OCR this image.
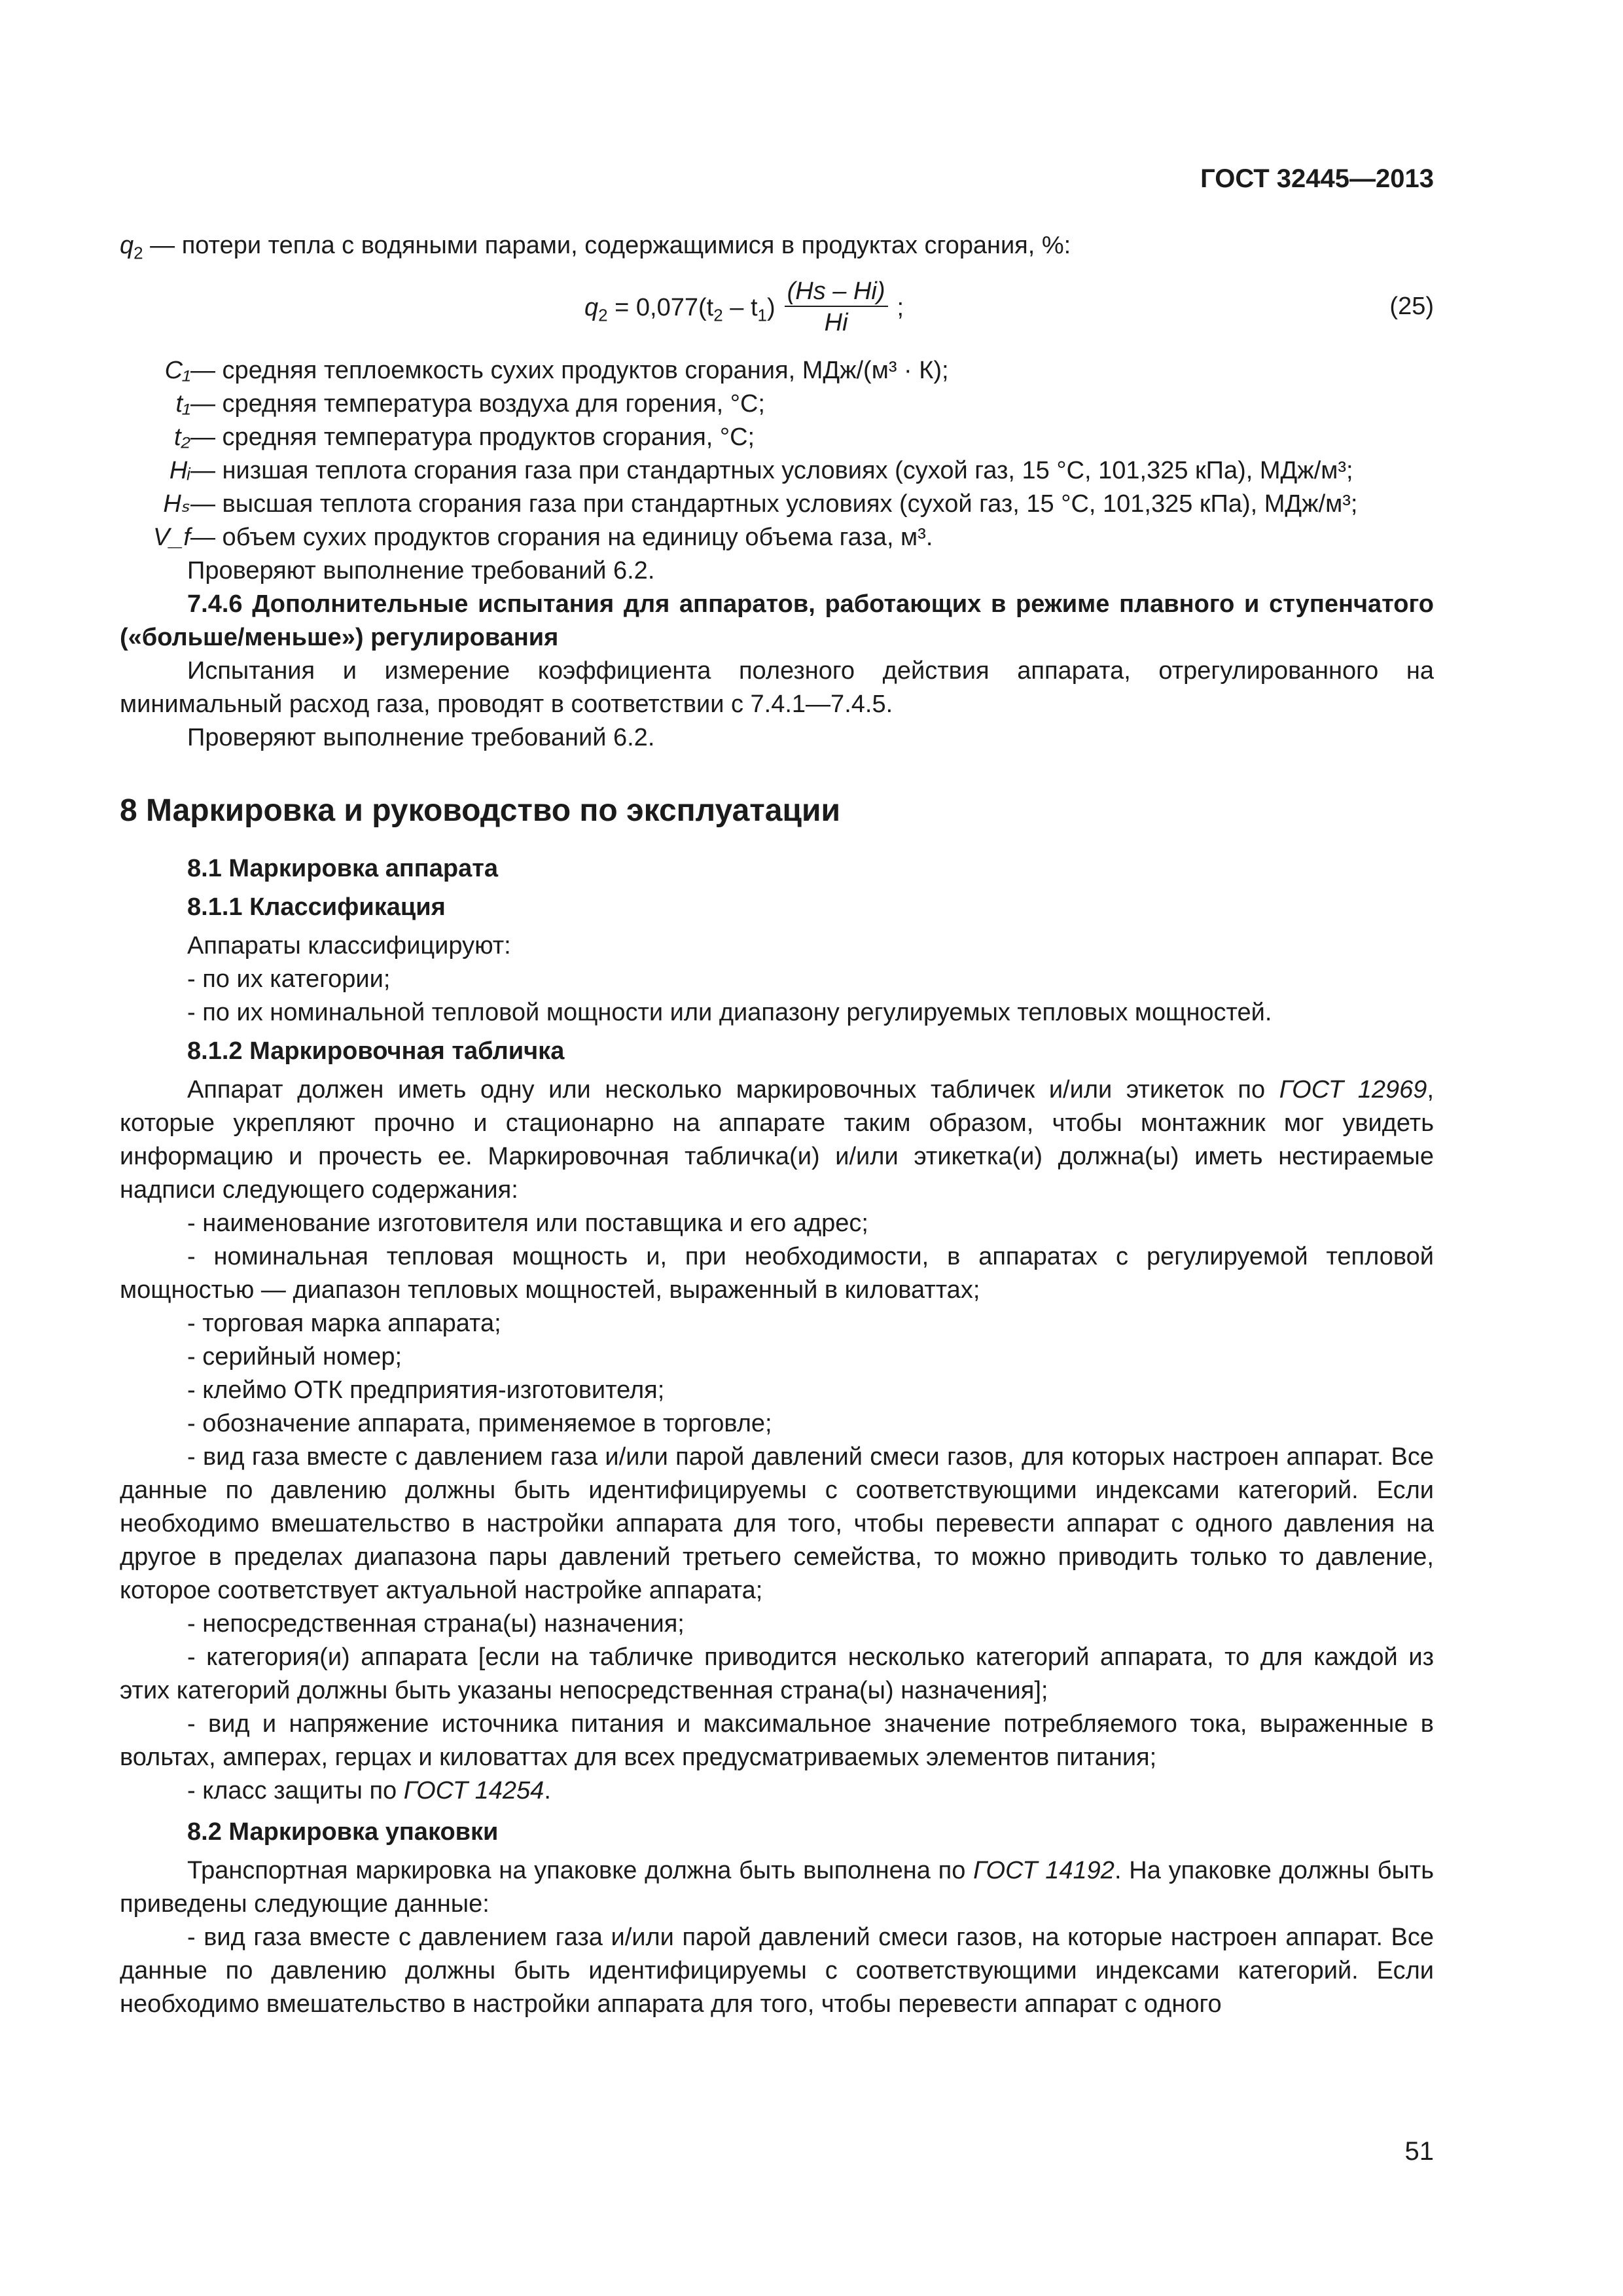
ГОСТ 32445—2013

$q_2$ — потери тепла с водяными парами, содержащимися в продуктах сгорания, %:

$q_2 = 0,077(t_2 - t_1) \frac{(Hs - Hi)}{Hi}$ ;	(25)
C₁ — средняя теплоемкость сухих продуктов сгорания, МДж/(м³ · К);
t₁ — средняя температура воздуха для горения, °С;
t₂ — средняя температура продуктов сгорания, °С;
Hᵢ — низшая теплота сгорания газа при стандартных условиях (сухой газ, 15 °С, 101,325 кПа), МДж/м³;
Hₛ — высшая теплота сгорания газа при стандартных условиях (сухой газ, 15 °С, 101,325 кПа), МДж/м³;
V_f — объем сухих продуктов сгорания на единицу объема газа, м³.

Проверяют выполнение требований 6.2.

7.4.6 Дополнительные испытания для аппаратов, работающих в режиме плавного и ступенчатого («больше/меньше») регулирования

Испытания и измерение коэффициента полезного действия аппарата, отрегулированного на минимальный расход газа, проводят в соответствии с 7.4.1—7.4.5.

Проверяют выполнение требований 6.2.

8 Маркировка и руководство по эксплуатации

8.1 Маркировка аппарата

8.1.1 Классификация

Аппараты классифицируют:

- по их категории;

- по их номинальной тепловой мощности или диапазону регулируемых тепловых мощностей.

8.1.2 Маркировочная табличка

Аппарат должен иметь одну или несколько маркировочных табличек и/или этикеток по ГОСТ 12969, которые укрепляют прочно и стационарно на аппарате таким образом, чтобы монтажник мог увидеть информацию и прочесть ее. Маркировочная табличка(и) и/или этикетка(и) должна(ы) иметь нестираемые надписи следующего содержания:

- наименование изготовителя или поставщика и его адрес;

- номинальная тепловая мощность и, при необходимости, в аппаратах с регулируемой тепловой мощностью — диапазон тепловых мощностей, выраженный в киловаттах;

- торговая марка аппарата;

- серийный номер;

- клеймо ОТК предприятия-изготовителя;

- обозначение аппарата, применяемое в торговле;

- вид газа вместе с давлением газа и/или парой давлений смеси газов, для которых настроен аппарат. Все данные по давлению должны быть идентифицируемы с соответствующими индексами категорий. Если необходимо вмешательство в настройки аппарата для того, чтобы перевести аппарат с одного давления на другое в пределах диапазона пары давлений третьего семейства, то можно приводить только то давление, которое соответствует актуальной настройке аппарата;

- непосредственная страна(ы) назначения;

- категория(и) аппарата [если на табличке приводится несколько категорий аппарата, то для каждой из этих категорий должны быть указаны непосредственная страна(ы) назначения];

- вид и напряжение источника питания и максимальное значение потребляемого тока, выраженные в вольтах, амперах, герцах и киловаттах для всех предусматриваемых элементов питания;

- класс защиты по ГОСТ 14254.

8.2 Маркировка упаковки

Транспортная маркировка на упаковке должна быть выполнена по ГОСТ 14192. На упаковке должны быть приведены следующие данные:

- вид газа вместе с давлением газа и/или парой давлений смеси газов, на которые настроен аппарат. Все данные по давлению должны быть идентифицируемы с соответствующими индексами категорий. Если необходимо вмешательство в настройки аппарата для того, чтобы перевести аппарат с одного

51
